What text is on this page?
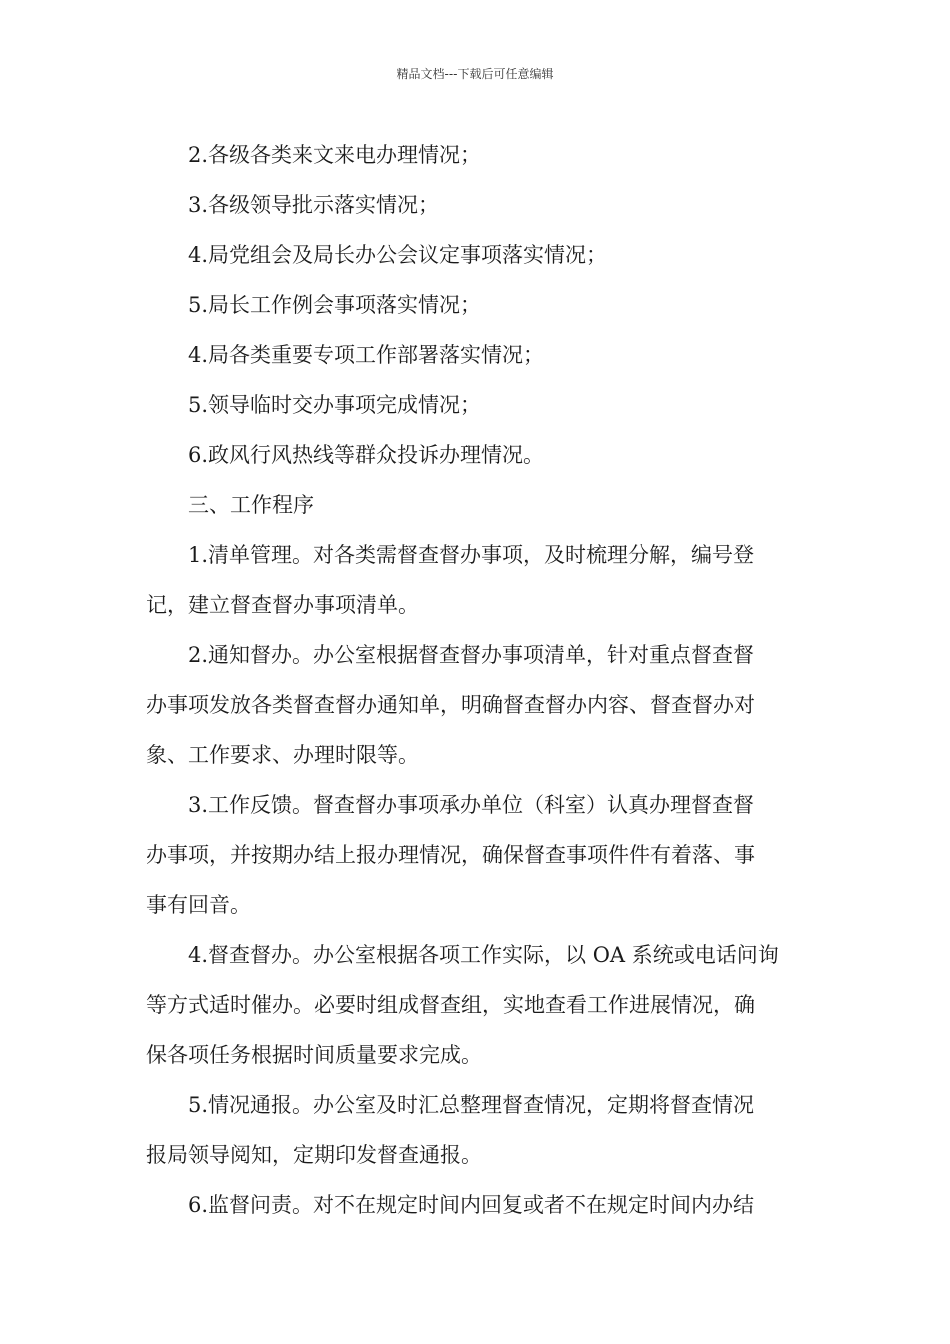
精品文档---下载后可任意编辑
2.各级各类来文来电办理情况；
3.各级领导批示落实情况；
4.局党组会及局长办公会议定事项落实情况；
5.局长工作例会事项落实情况；
4.局各类重要专项工作部署落实情况；
5.领导临时交办事项完成情况；
6.政风行风热线等群众投诉办理情况。
三、工作程序
1.清单管理。对各类需督查督办事项，及时梳理分解，编号登
记，建立督查督办事项清单。
2.通知督办。办公室根据督查督办事项清单，针对重点督查督
办事项发放各类督查督办通知单，明确督查督办内容、督查督办对
象、工作要求、办理时限等。
3.工作反馈。督查督办事项承办单位（科室）认真办理督查督
办事项，并按期办结上报办理情况，确保督查事项件件有着落、事
事有回音。
4.督查督办。办公室根据各项工作实际，以 OA 系统或电话问询
等方式适时催办。必要时组成督查组，实地查看工作进展情况，确
保各项任务根据时间质量要求完成。
5.情况通报。办公室及时汇总整理督查情况，定期将督查情况
报局领导阅知，定期印发督查通报。
6.监督问责。对不在规定时间内回复或者不在规定时间内办结
